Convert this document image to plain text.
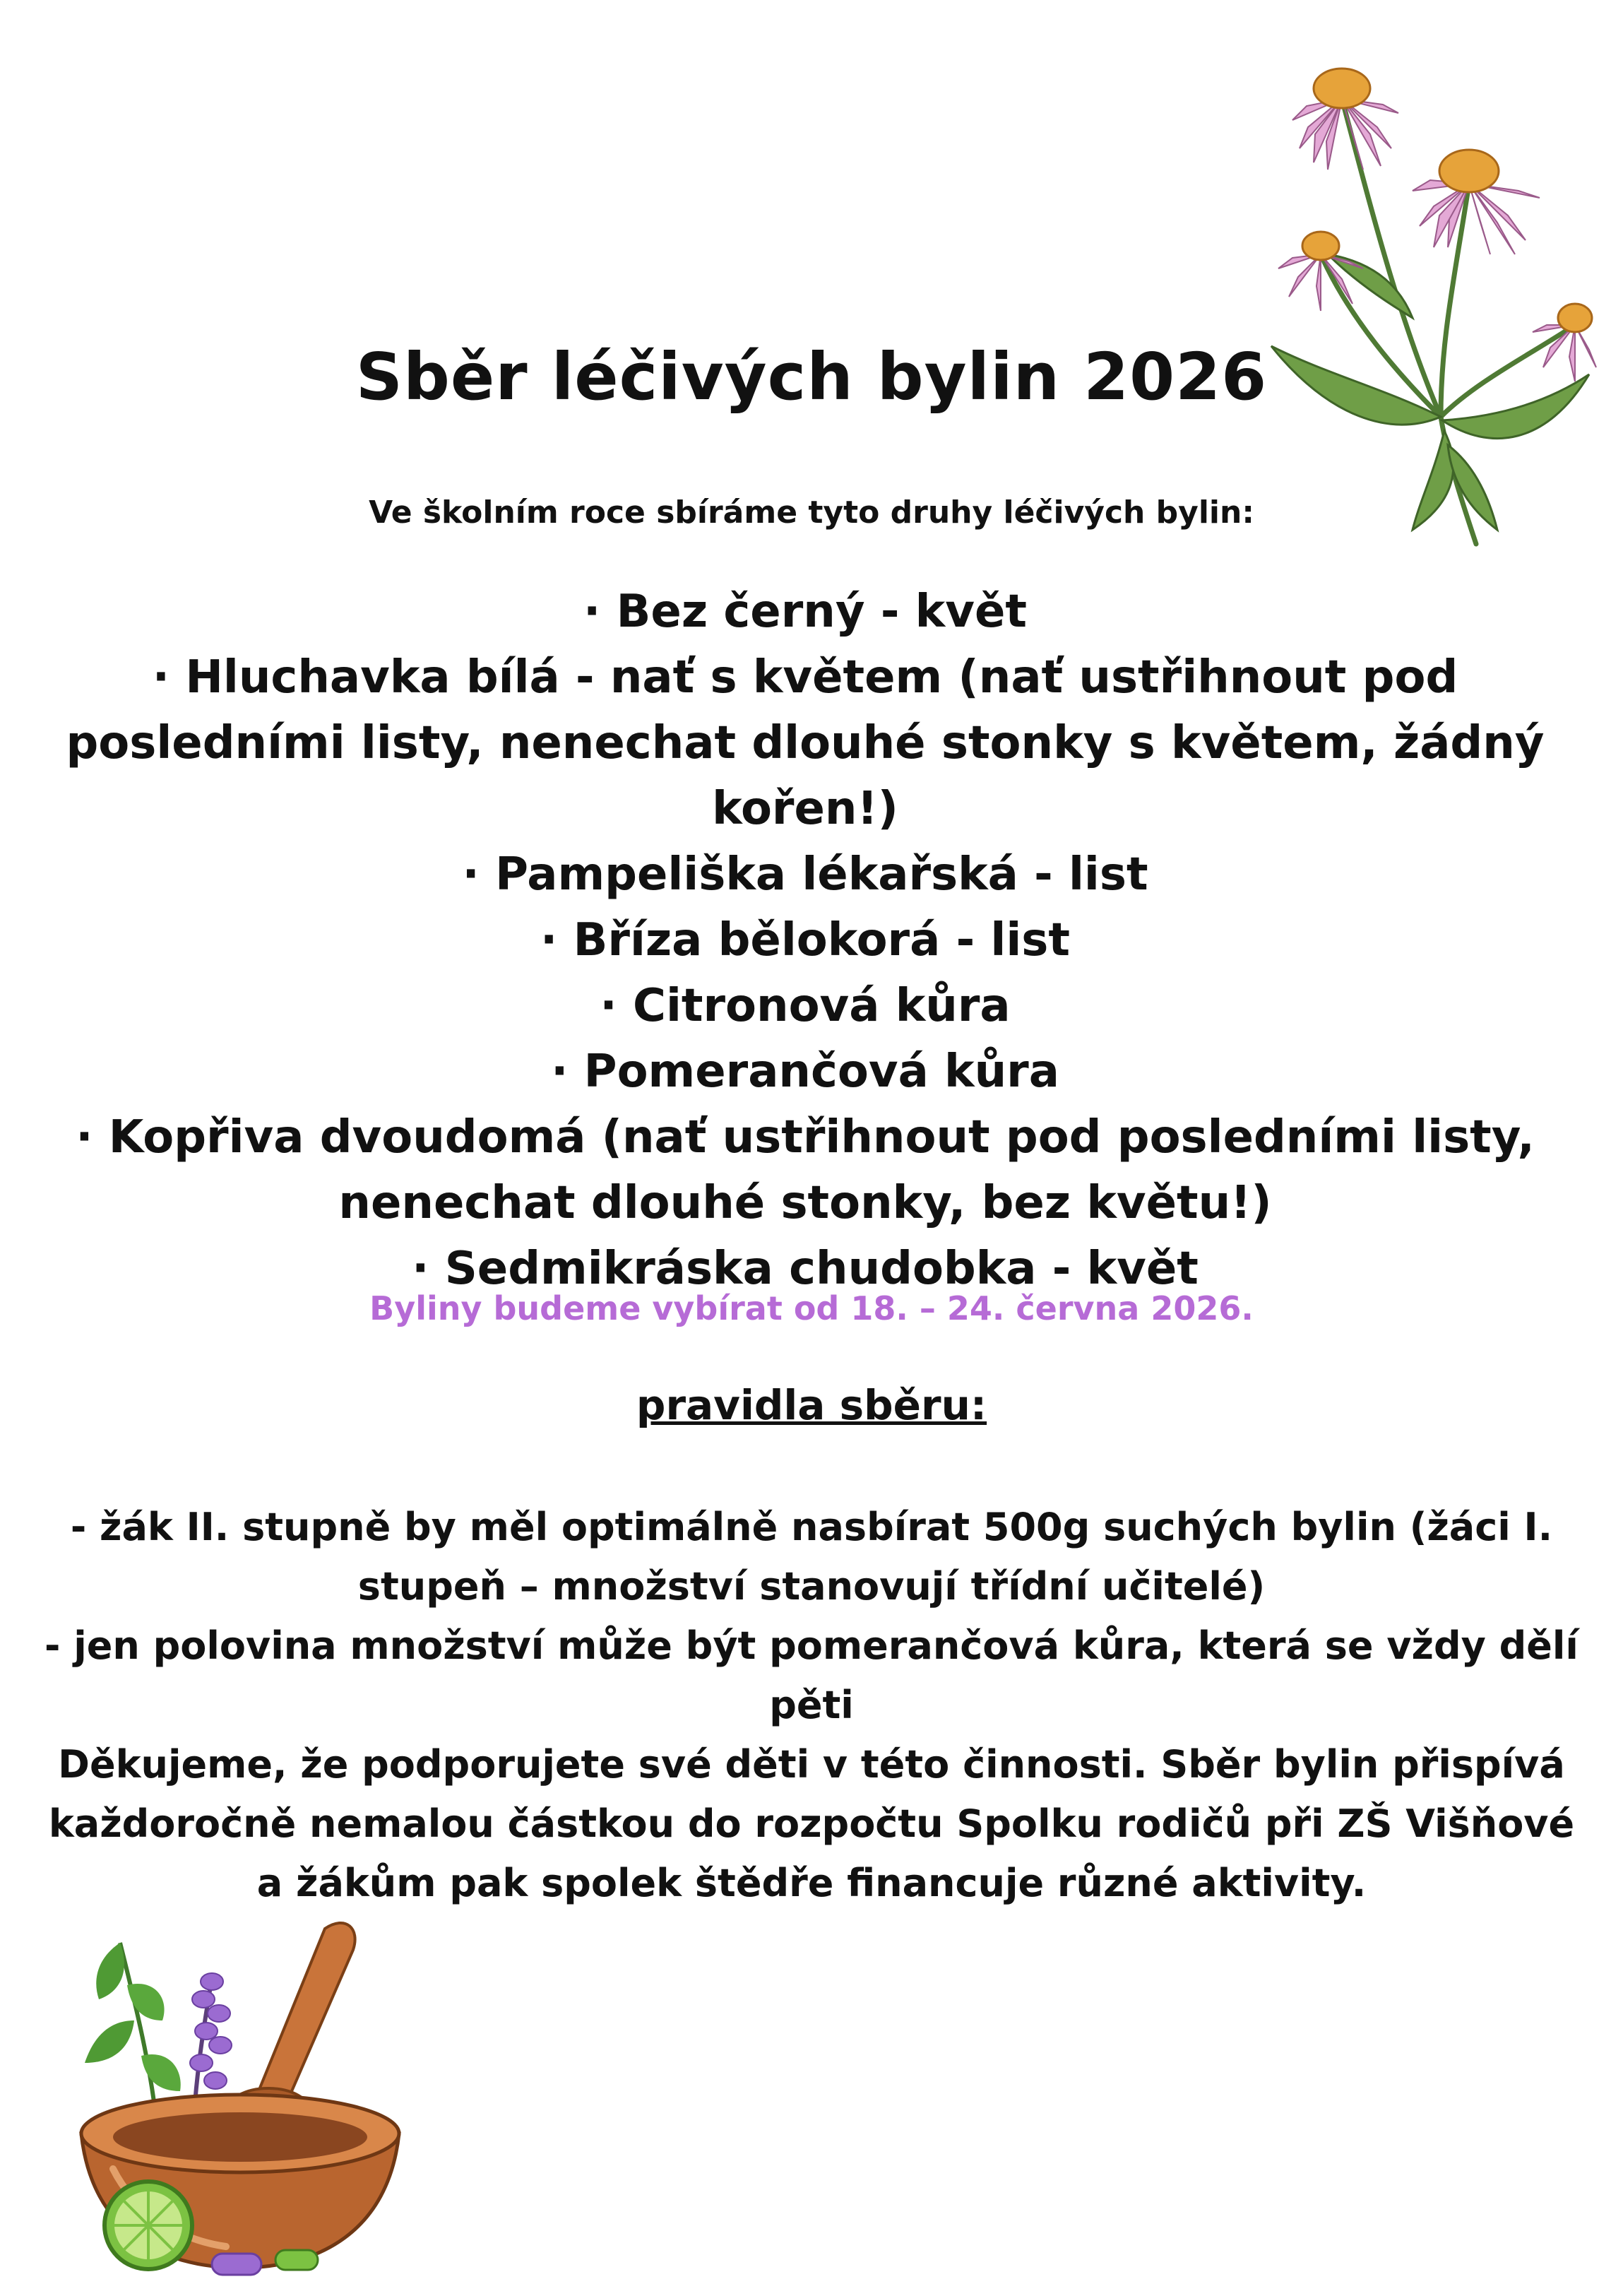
Sběr léčivých bylin 2026

Ve školním roce sbíráme tyto druhy léčivých bylin:

· Bez černý - květ
· Hluchavka bílá - nať s květem (nať ustřihnout pod posledními listy, nenechat dlouhé stonky s květem, žádný kořen!)
· Pampeliška lékařská - list
· Bříza bělokorá - list
· Citronová kůra
· Pomerančová kůra
· Kopřiva dvoudomá (nať ustřihnout pod posledními listy, nenechat dlouhé stonky, bez květu!)
· Sedmikráska chudobka - květ

Byliny budeme vybírat od 18. – 24. června 2026.

pravidla sběru:

- žák II. stupně by měl optimálně nasbírat 500g suchých bylin (žáci I. stupeň – množství stanovují třídní učitelé)

- jen polovina množství může být pomerančová kůra, která se vždy dělí pěti

Děkujeme, že podporujete své děti v této činnosti. Sběr bylin přispívá každoročně nemalou částkou do rozpočtu Spolku rodičů při ZŠ Višňové a žákům pak spolek štědře financuje různé aktivity.
